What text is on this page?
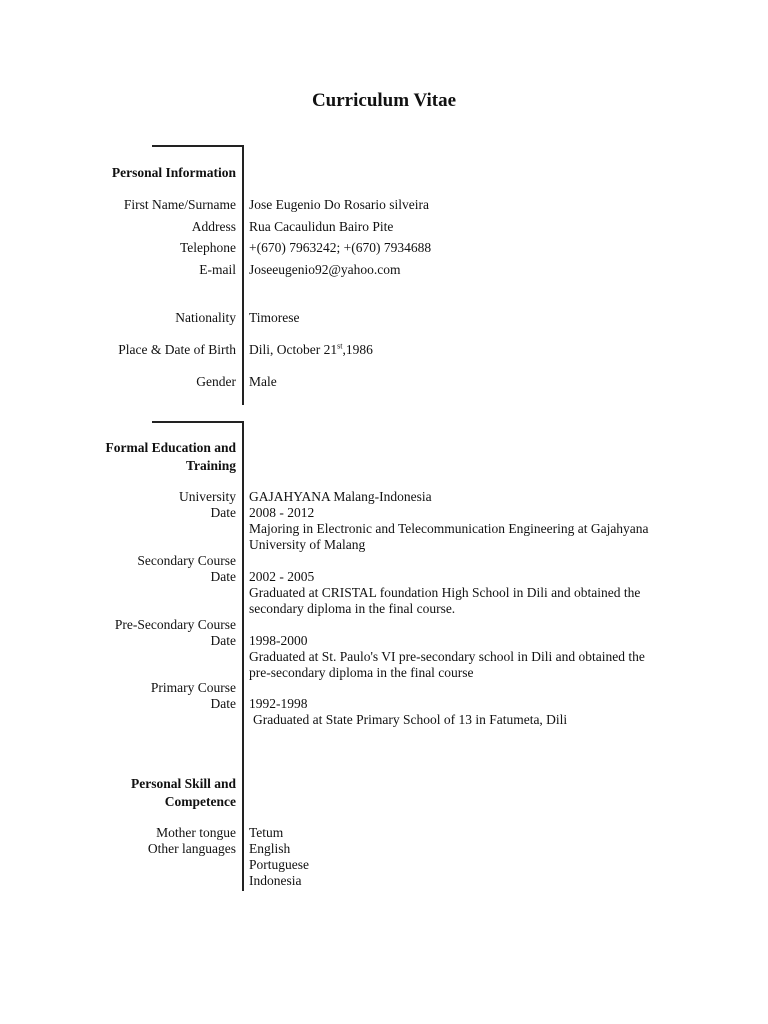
Curriculum Vitae
Personal Information
First Name/Surname Jose Eugenio Do Rosario silveira
Address Rua Cacaulidun Bairo Pite
Telephone +(670) 7963242; +(670) 7934688
E-mail Joseeugenio92@yahoo.com
Nationality Timorese
Place & Date of Birth Dili, October 21st,1986
Gender Male
Formal Education and
Training
University GAJAHYANA Malang-Indonesia
Date 2008 - 2012
Majoring in Electronic and Telecommunication Engineering at Gajahyana
University of Malang
Secondary Course
Date 2002 - 2005
Graduated at CRISTAL foundation High School in Dili and obtained the
secondary diploma in the final course.
Pre-Secondary Course
Date 1998-2000
Graduated at St. Paulo's VI pre-secondary school in Dili and obtained the
pre-secondary diploma in the final course
Primary Course
Date 1992-1998
Graduated at State Primary School of 13 in Fatumeta, Dili
Personal Skill and
Competence
Mother tongue Tetum
Other languages English
Portuguese
Indonesia
